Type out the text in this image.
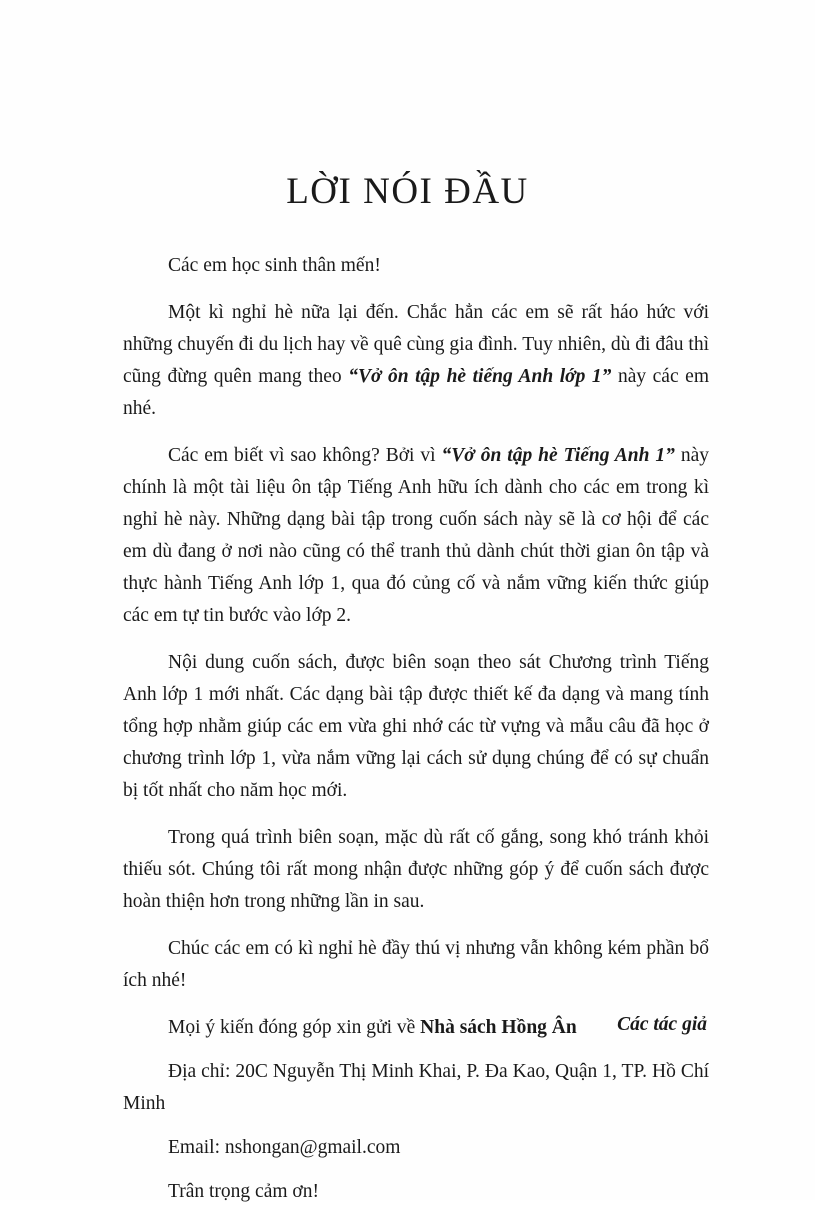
LỜI NÓI ĐẦU

Các em học sinh thân mến!

Một kì nghỉ hè nữa lại đến. Chắc hẳn các em sẽ rất háo hức với những chuyến đi du lịch hay về quê cùng gia đình. Tuy nhiên, dù đi đâu thì cũng đừng quên mang theo “Vở ôn tập hè tiếng Anh lớp 1” này các em nhé.

Các em biết vì sao không? Bởi vì “Vở ôn tập hè Tiếng Anh 1” này chính là một tài liệu ôn tập Tiếng Anh hữu ích dành cho các em trong kì nghỉ hè này. Những dạng bài tập trong cuốn sách này sẽ là cơ hội để các em dù đang ở nơi nào cũng có thể tranh thủ dành chút thời gian ôn tập và thực hành Tiếng Anh lớp 1, qua đó củng cố và nắm vững kiến thức giúp các em tự tin bước vào lớp 2.

Nội dung cuốn sách, được biên soạn theo sát Chương trình Tiếng Anh lớp 1 mới nhất. Các dạng bài tập được thiết kế đa dạng và mang tính tổng hợp nhằm giúp các em vừa ghi nhớ các từ vựng và mẫu câu đã học ở chương trình lớp 1, vừa nắm vững lại cách sử dụng chúng để có sự chuẩn bị tốt nhất cho năm học mới.

Trong quá trình biên soạn, mặc dù rất cố gắng, song khó tránh khỏi thiếu sót. Chúng tôi rất mong nhận được những góp ý để cuốn sách được hoàn thiện hơn trong những lần in sau.

Chúc các em có kì nghỉ hè đầy thú vị nhưng vẫn không kém phần bổ ích nhé!

Mọi ý kiến đóng góp xin gửi về Nhà sách Hồng Ân

Địa chỉ: 20C Nguyễn Thị Minh Khai, P. Đa Kao, Quận 1, TP. Hồ Chí Minh

Email: nshongan@gmail.com

Trân trọng cảm ơn!

Các tác giả
